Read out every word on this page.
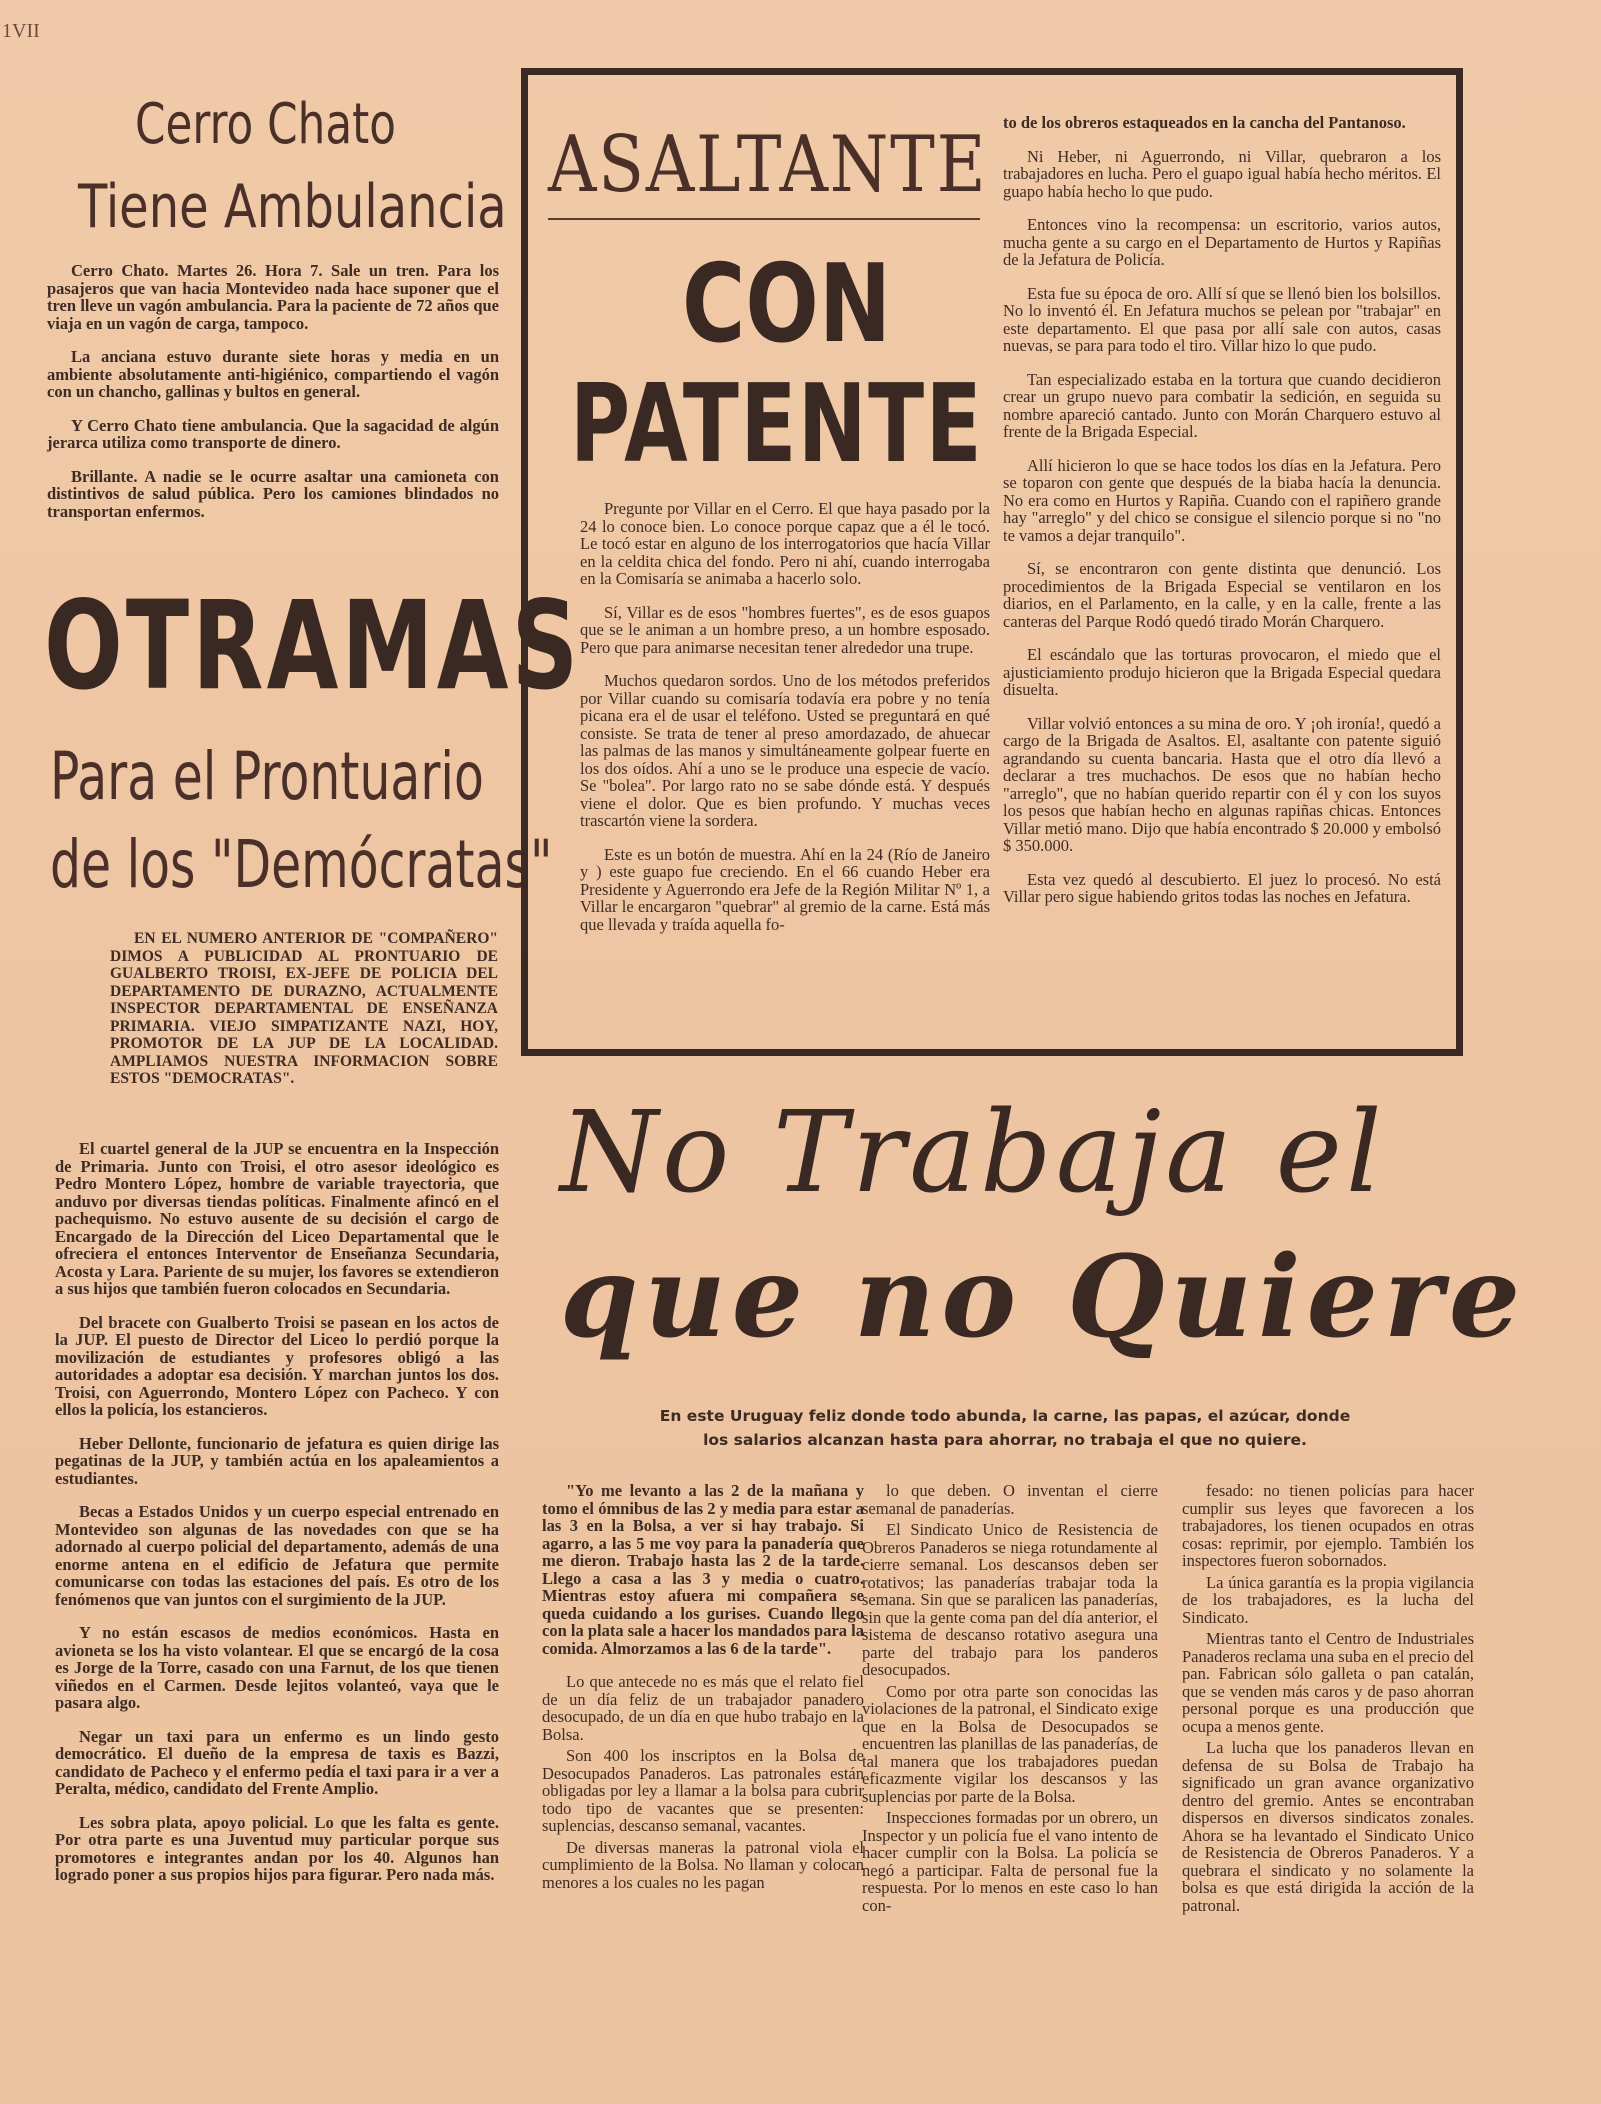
1VII
Cerro Chato
Tiene Ambulancia

Cerro Chato. Martes 26. Hora 7. Sale un tren. Para los pasajeros que van hacia Montevideo nada hace suponer que el tren lleve un vagón ambulancia. Para la paciente de 72 años que viaja en un vagón de carga, tampoco.

La anciana estuvo durante siete horas y media en un ambiente absolutamente anti-higiénico, compartiendo el vagón con un chancho, gallinas y bultos en general.

Y Cerro Chato tiene ambulancia. Que la sagacidad de algún jerarca utiliza como transporte de dinero.

Brillante. A nadie se le ocurre asaltar una camioneta con distintivos de salud pública. Pero los camiones blindados no transportan enfermos.

OTRAMAS
Para el Prontuario
de los "Demócratas"

EN EL NUMERO ANTERIOR DE "COMPAÑERO" DIMOS A PUBLICIDAD AL PRONTUARIO DE GUALBERTO TROISI, EX-JEFE DE POLICIA DEL DEPARTAMENTO DE DURAZNO, ACTUALMENTE INSPECTOR DEPARTAMENTAL DE ENSEÑANZA PRIMARIA. VIEJO SIMPATIZANTE NAZI, HOY, PROMOTOR DE LA JUP DE LA LOCALIDAD. AMPLIAMOS NUESTRA INFORMACION SOBRE ESTOS "DEMOCRATAS".

El cuartel general de la JUP se encuentra en la Inspección de Primaria. Junto con Troisi, el otro asesor ideológico es Pedro Montero López, hombre de variable trayectoria, que anduvo por diversas tiendas políticas. Finalmente afincó en el pachequismo. No estuvo ausente de su decisión el cargo de Encargado de la Dirección del Liceo Departamental que le ofreciera el entonces Interventor de Enseñanza Secundaria, Acosta y Lara. Pariente de su mujer, los favores se extendieron a sus hijos que también fueron colocados en Secundaria.

Del bracete con Gualberto Troisi se pasean en los actos de la JUP. El puesto de Director del Liceo lo perdió porque la movilización de estudiantes y profesores obligó a las autoridades a adoptar esa decisión. Y marchan juntos los dos. Troisi, con Aguerrondo, Montero López con Pacheco. Y con ellos la policía, los estancieros.

Heber Dellonte, funcionario de jefatura es quien dirige las pegatinas de la JUP, y también actúa en los apaleamientos a estudiantes.

Becas a Estados Unidos y un cuerpo especial entrenado en Montevideo son algunas de las novedades con que se ha adornado al cuerpo policial del departamento, además de una enorme antena en el edificio de Jefatura que permite comunicarse con todas las estaciones del país. Es otro de los fenómenos que van juntos con el surgimiento de la JUP.

Y no están escasos de medios económicos. Hasta en avioneta se los ha visto volantear. El que se encargó de la cosa es Jorge de la Torre, casado con una Farnut, de los que tienen viñedos en el Carmen. Desde lejitos volanteó, vaya que le pasara algo.

Negar un taxi para un enfermo es un lindo gesto democrático. El dueño de la empresa de taxis es Bazzi, candidato de Pacheco y el enfermo pedía el taxi para ir a ver a Peralta, médico, candidato del Frente Amplio.

Les sobra plata, apoyo policial. Lo que les falta es gente. Por otra parte es una Juventud muy particular porque sus promotores e integrantes andan por los 40. Algunos han logrado poner a sus propios hijos para figurar. Pero nada más.

ASALTANTE
CON
PATENTE

Pregunte por Villar en el Cerro. El que haya pasado por la 24 lo conoce bien. Lo conoce porque capaz que a él le tocó. Le tocó estar en alguno de los interrogatorios que hacía Villar en la celdita chica del fondo. Pero ni ahí, cuando interrogaba en la Comisaría se animaba a hacerlo solo.

Sí, Villar es de esos "hombres fuertes", es de esos guapos que se le animan a un hombre preso, a un hombre esposado. Pero que para animarse necesitan tener alrededor una trupe.

Muchos quedaron sordos. Uno de los métodos preferidos por Villar cuando su comisaría todavía era pobre y no tenía picana era el de usar el teléfono. Usted se preguntará en qué consiste. Se trata de tener al preso amordazado, de ahuecar las palmas de las manos y simultáneamente golpear fuerte en los dos oídos. Ahí a uno se le produce una especie de vacío. Se "bolea". Por largo rato no se sabe dónde está. Y después viene el dolor. Que es bien profundo. Y muchas veces trascartón viene la sordera.

Este es un botón de muestra. Ahí en la 24 (Río de Janeiro y ) este guapo fue creciendo. En el 66 cuando Heber era Presidente y Aguerrondo era Jefe de la Región Militar Nº 1, a Villar le encargaron "quebrar" al gremio de la carne. Está más que llevada y traída aquella fo-

to de los obreros estaqueados en la cancha del Pantanoso.

Ni Heber, ni Aguerrondo, ni Villar, quebraron a los trabajadores en lucha. Pero el guapo igual había hecho méritos. El guapo había hecho lo que pudo.

Entonces vino la recompensa: un escritorio, varios autos, mucha gente a su cargo en el Departamento de Hurtos y Rapiñas de la Jefatura de Policía.

Esta fue su época de oro. Allí sí que se llenó bien los bolsillos. No lo inventó él. En Jefatura muchos se pelean por "trabajar" en este departamento. El que pasa por allí sale con autos, casas nuevas, se para para todo el tiro. Villar hizo lo que pudo.

Tan especializado estaba en la tortura que cuando decidieron crear un grupo nuevo para combatir la sedición, en seguida su nombre apareció cantado. Junto con Morán Charquero estuvo al frente de la Brigada Especial.

Allí hicieron lo que se hace todos los días en la Jefatura. Pero se toparon con gente que después de la biaba hacía la denuncia. No era como en Hurtos y Rapiña. Cuando con el rapiñero grande hay "arreglo" y del chico se consigue el silencio porque si no "no te vamos a dejar tranquilo".

Sí, se encontraron con gente distinta que denunció. Los procedimientos de la Brigada Especial se ventilaron en los diarios, en el Parlamento, en la calle, y en la calle, frente a las canteras del Parque Rodó quedó tirado Morán Charquero.

El escándalo que las torturas provocaron, el miedo que el ajusticiamiento produjo hicieron que la Brigada Especial quedara disuelta.

Villar volvió entonces a su mina de oro. Y ¡oh ironía!, quedó a cargo de la Brigada de Asaltos. El, asaltante con patente siguió agrandando su cuenta bancaria. Hasta que el otro día llevó a declarar a tres muchachos. De esos que no habían hecho "arreglo", que no habían querido repartir con él y con los suyos los pesos que habían hecho en algunas rapiñas chicas. Entonces Villar metió mano. Dijo que había encontrado $ 20.000 y embolsó $ 350.000.

Esta vez quedó al descubierto. El juez lo procesó. No está Villar pero sigue habiendo gritos todas las noches en Jefatura.

No Trabaja el
que no Quiere
En este Uruguay feliz donde todo abunda, la carne, las papas, el azúcar, donde los salarios alcanzan hasta para ahorrar, no trabaja el que no quiere.

"Yo me levanto a las 2 de la mañana y tomo el ómnibus de las 2 y media para estar a las 3 en la Bolsa, a ver si hay trabajo. Si agarro, a las 5 me voy para la panadería que me dieron. Trabajo hasta las 2 de la tarde. Llego a casa a las 3 y media o cuatro. Mientras estoy afuera mi compañera se queda cuidando a los gurises. Cuando llego con la plata sale a hacer los mandados para la comida. Almorzamos a las 6 de la tarde".

Lo que antecede no es más que el relato fiel de un día feliz de un trabajador panadero desocupado, de un día en que hubo trabajo en la Bolsa.

Son 400 los inscriptos en la Bolsa de Desocupados Panaderos. Las patronales están obligadas por ley a llamar a la bolsa para cubrir todo tipo de vacantes que se presenten: suplencias, descanso semanal, vacantes.

De diversas maneras la patronal viola el cumplimiento de la Bolsa. No llaman y colocan menores a los cuales no les pagan

lo que deben. O inventan el cierre semanal de panaderías.

El Sindicato Unico de Resistencia de Obreros Panaderos se niega rotundamente al cierre semanal. Los descansos deben ser rotativos; las panaderías trabajar toda la semana. Sin que se paralicen las panaderías, sin que la gente coma pan del día anterior, el sistema de descanso rotativo asegura una parte del trabajo para los panderos desocupados.

Como por otra parte son conocidas las violaciones de la patronal, el Sindicato exige que en la Bolsa de Desocupados se encuentren las planillas de las panaderías, de tal manera que los trabajadores puedan eficazmente vigilar los descansos y las suplencias por parte de la Bolsa.

Inspecciones formadas por un obrero, un Inspector y un policía fue el vano intento de hacer cumplir con la Bolsa. La policía se negó a participar. Falta de personal fue la respuesta. Por lo menos en este caso lo han con-

fesado: no tienen policías para hacer cumplir sus leyes que favorecen a los trabajadores, los tienen ocupados en otras cosas: reprimir, por ejemplo. También los inspectores fueron sobornados.

La única garantía es la propia vigilancia de los trabajadores, es la lucha del Sindicato.

Mientras tanto el Centro de Industriales Panaderos reclama una suba en el precio del pan. Fabrican sólo galleta o pan catalán, que se venden más caros y de paso ahorran personal porque es una producción que ocupa a menos gente.

La lucha que los panaderos llevan en defensa de su Bolsa de Trabajo ha significado un gran avance organizativo dentro del gremio. Antes se encontraban dispersos en diversos sindicatos zonales. Ahora se ha levantado el Sindicato Unico de Resistencia de Obreros Panaderos. Y a quebrara el sindicato y no solamente la bolsa es que está dirigida la acción de la patronal.
